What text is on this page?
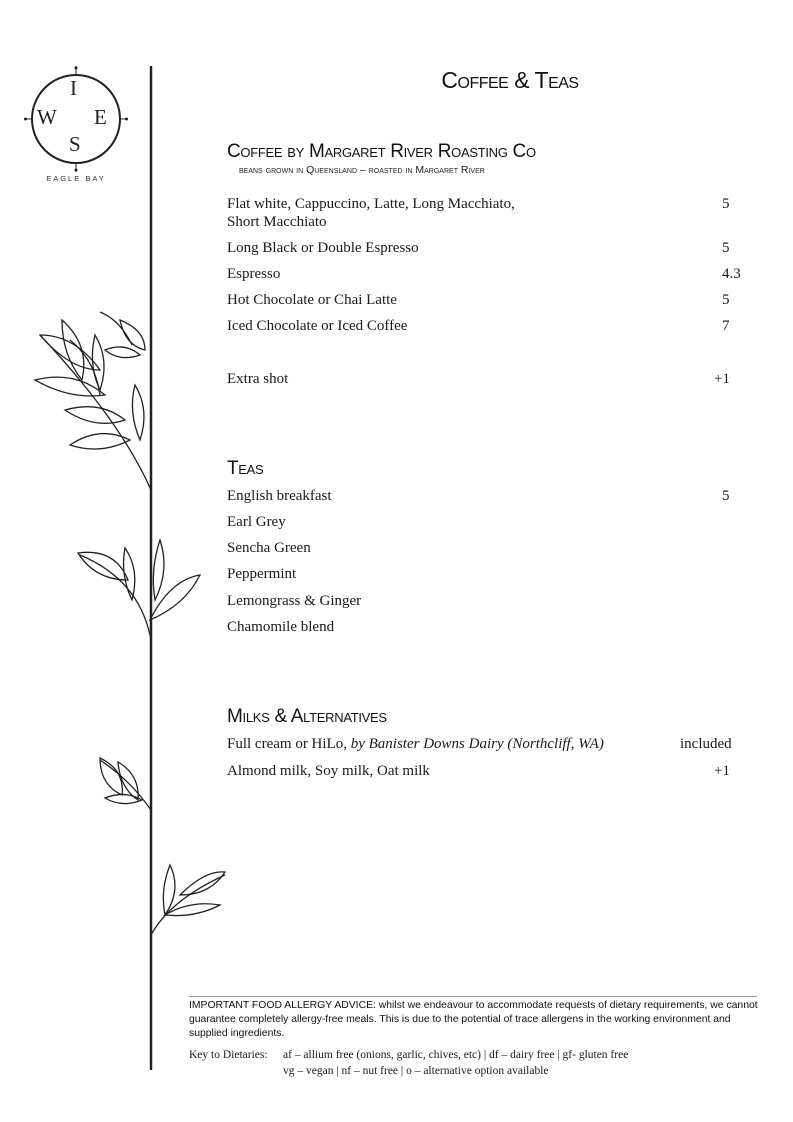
I
W E
S
EAGLE BAY
Coffee & Teas
Coffee by Margaret River Roasting Co
beans grown in Queensland – roasted in Margaret River
Flat white, Cappuccino, Latte, Long Macchiato,
Short Macchiato
5
Long Black or Double Espresso	5
Espresso	4.3
Hot Chocolate or Chai Latte	5
Iced Chocolate or Iced Coffee	7
Extra shot	+1
Teas
English breakfast	5
Earl Grey
Sencha Green
Peppermint
Lemongrass & Ginger
Chamomile blend
Milks & Alternatives
Full cream or HiLo, by Banister Downs Dairy (Northcliff, WA)	included
Almond milk, Soy milk, Oat milk	+1
IMPORTANT FOOD ALLERGY ADVICE: whilst we endeavour to accommodate requests of dietary requirements, we cannot guarantee completely allergy-free meals. This is due to the potential of trace allergens in the working environment and supplied ingredients.
Key to Dietaries: af – allium free (onions, garlic, chives, etc) | df – dairy free | gf- gluten free
vg – vegan | nf – nut free | o – alternative option available
